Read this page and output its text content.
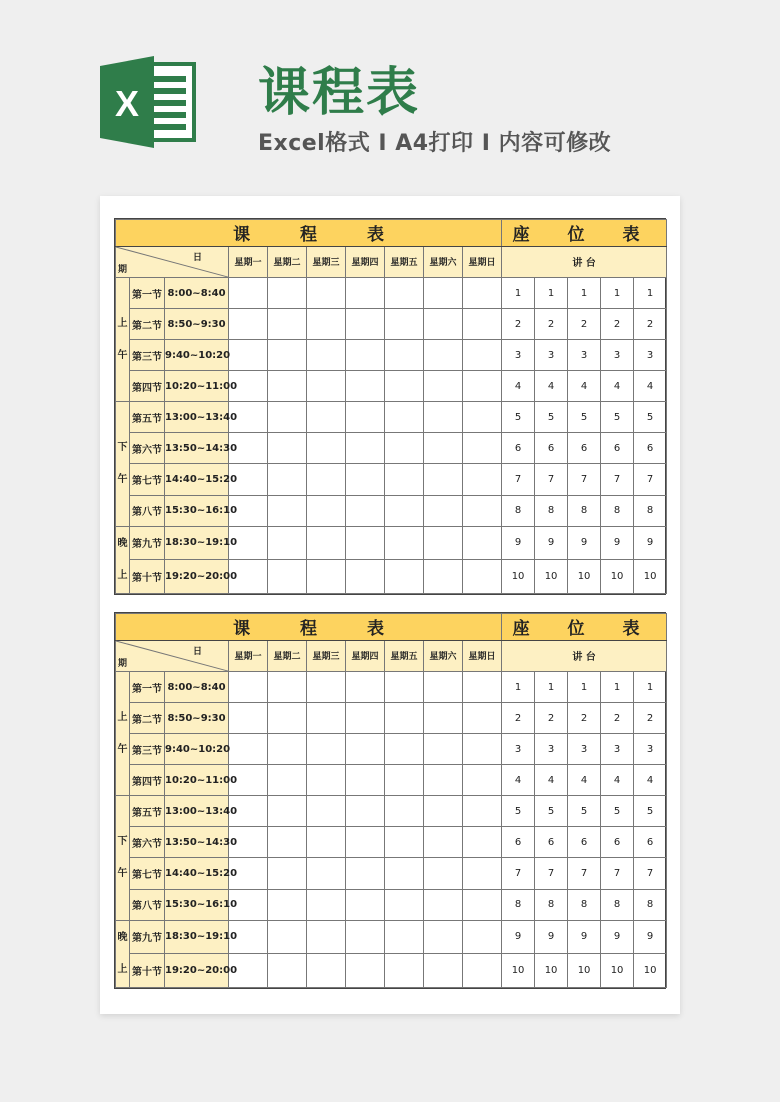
X 课程表
Excel格式 I A4打印 I 内容可修改
课 程 表										座 位 表				

日
期			星期一	星期二	星期三	星期四	星期五	星期六	星期日	讲 台				

上
午	第一节	8:00~8:40								1	1	1	1	1
	第二节	8:50~9:30								2	2	2	2	2
	第三节	9:40~10:20								3	3	3	3	3
	第四节	10:20~11:00								4	4	4	4	4

下
午	第五节	13:00~13:40								5	5	5	5	5
	第六节	13:50~14:30								6	6	6	6	6
	第七节	14:40~15:20								7	7	7	7	7
	第八节	15:30~16:10								8	8	8	8	8

晚
上	第九节	18:30~19:10								9	9	9	9	9
	第十节	19:20~20:00								10	10	10	10	10
课 程 表										座 位 表				

日
期			星期一	星期二	星期三	星期四	星期五	星期六	星期日	讲 台				

上
午	第一节	8:00~8:40								1	1	1	1	1
	第二节	8:50~9:30								2	2	2	2	2
	第三节	9:40~10:20								3	3	3	3	3
	第四节	10:20~11:00								4	4	4	4	4

下
午	第五节	13:00~13:40								5	5	5	5	5
	第六节	13:50~14:30								6	6	6	6	6
	第七节	14:40~15:20								7	7	7	7	7
	第八节	15:30~16:10								8	8	8	8	8

晚
上	第九节	18:30~19:10								9	9	9	9	9
	第十节	19:20~20:00								10	10	10	10	10
